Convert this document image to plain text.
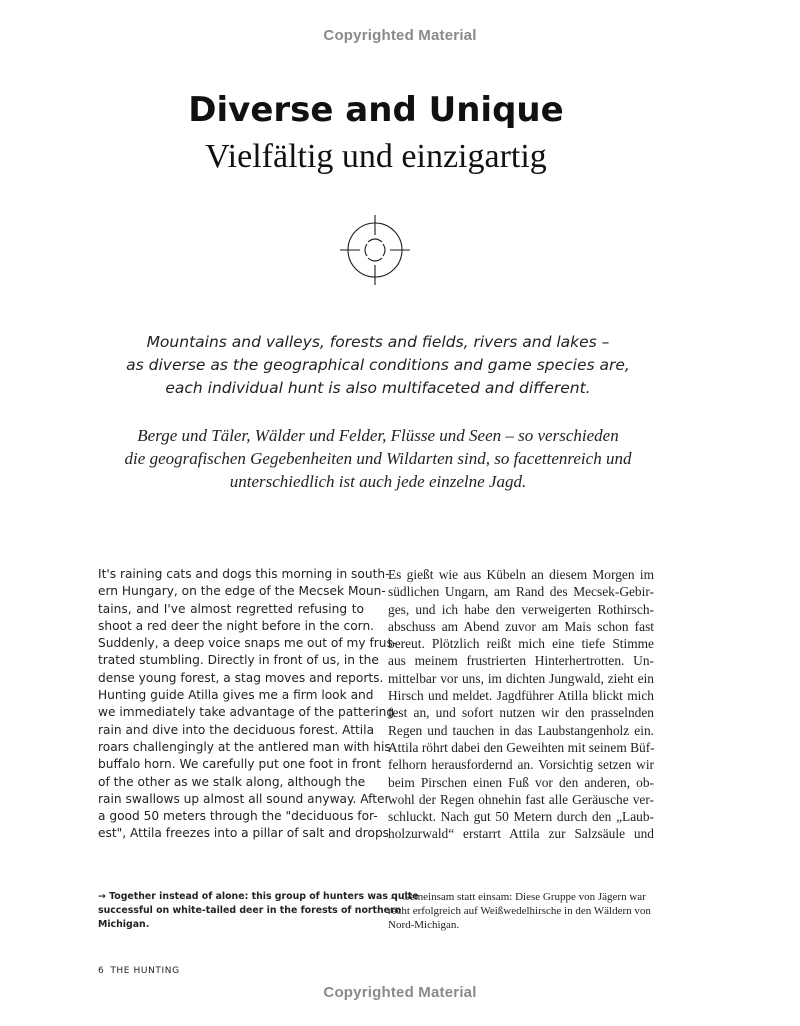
Copyrighted Material
Diverse and Unique
Vielfältig und einzigartig
Mountains and valleys, forests and fields, rivers and lakes –
as diverse as the geographical conditions and game species are,
each individual hunt is also multifaceted and different.
Berge und Täler, Wälder und Felder, Flüsse und Seen – so verschieden
die geografischen Gegebenheiten und Wildarten sind, so facettenreich und
unterschiedlich ist auch jede einzelne Jagd.
It's raining cats and dogs this morning in south-
ern Hungary, on the edge of the Mecsek Moun-
tains, and I've almost regretted refusing to
shoot a red deer the night before in the corn.
Suddenly, a deep voice snaps me out of my frus-
trated stumbling. Directly in front of us, in the
dense young forest, a stag moves and reports.
Hunting guide Atilla gives me a firm look and
we immediately take advantage of the pattering
rain and dive into the deciduous forest. Attila
roars challengingly at the antlered man with his
buffalo horn. We carefully put one foot in front
of the other as we stalk along, although the
rain swallows up almost all sound anyway. After
a good 50 meters through the "deciduous for-
est", Attila freezes into a pillar of salt and drops
Es gießt wie aus Kübeln an diesem Morgen im
südlichen Ungarn, am Rand des Mecsek-Gebir-
ges, und ich habe den verweigerten Rothirsch-
abschuss am Abend zuvor am Mais schon fast
bereut. Plötzlich reißt mich eine tiefe Stimme
aus meinem frustrierten Hinterhertrotten. Un-
mittelbar vor uns, im dichten Jungwald, zieht ein
Hirsch und meldet. Jagdführer Atilla blickt mich
fest an, und sofort nutzen wir den prasselnden
Regen und tauchen in das Laubstangenholz ein.
Attila röhrt dabei den Geweihten mit seinem Büf-
felhorn herausfordernd an. Vorsichtig setzen wir
beim Pirschen einen Fuß vor den anderen, ob-
wohl der Regen ohnehin fast alle Geräusche ver-
schluckt. Nach gut 50 Metern durch den „Laub-
holzurwald“ erstarrt Attila zur Salzsäule und
→ Together instead of alone: this group of hunters was quite
successful on white-tailed deer in the forests of northern
Michigan.
→ Gemeinsam statt einsam: Diese Gruppe von Jägern war
recht erfolgreich auf Weißwedelhirsche in den Wäldern von
Nord-Michigan.
6 THE HUNTING
Copyrighted Material
